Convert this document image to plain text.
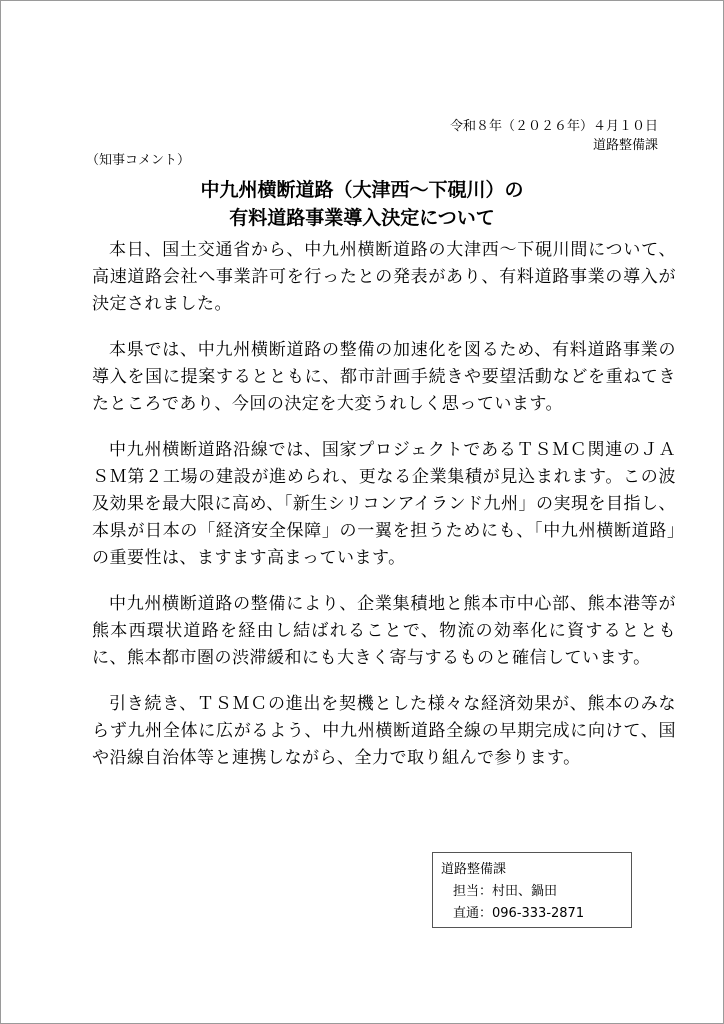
令和８年（２０２６年）４月１０日
道路整備課
（知事コメント）
中九州横断道路（大津西～下硯川）の
有料道路事業導入決定について

本日、国土交通省から、中九州横断道路の大津西～下硯川間について、高速道路会社へ事業許可を行ったとの発表があり、有料道路事業の導入が決定されました。

本県では、中九州横断道路の整備の加速化を図るため、有料道路事業の導入を国に提案するとともに、都市計画手続きや要望活動などを重ねてきたところであり、今回の決定を大変うれしく思っています。

中九州横断道路沿線では、国家プロジェクトであるＴＳＭＣ関連のＪＡＳＭ第２工場の建設が進められ、更なる企業集積が見込まれます。この波及効果を最大限に高め、「新生シリコンアイランド九州」の実現を目指し、本県が日本の「経済安全保障」の一翼を担うためにも、「中九州横断道路」の重要性は、ますます高まっています。

中九州横断道路の整備により、企業集積地と熊本市中心部、熊本港等が熊本西環状道路を経由し結ばれることで、物流の効率化に資するとともに、熊本都市圏の渋滞緩和にも大きく寄与するものと確信しています。

引き続き、ＴＳＭＣの進出を契機とした様々な経済効果が、熊本のみならず九州全体に広がるよう、中九州横断道路全線の早期完成に向けて、国や沿線自治体等と連携しながら、全力で取り組んで参ります。

道路整備課
担当：村田、鍋田
直通：096-333-2871
